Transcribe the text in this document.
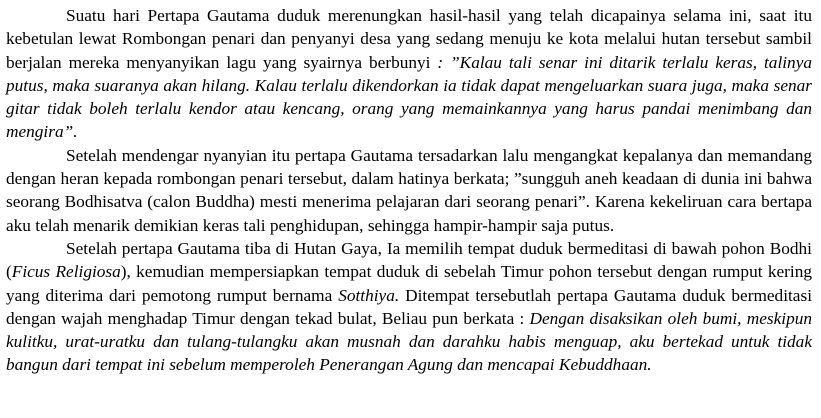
Suatu hari Pertapa Gautama duduk merenungkan hasil-hasil yang telah dicapainya selama ini, saat itu kebetulan lewat Rombongan penari dan penyanyi desa yang sedang menuju ke kota melalui hutan tersebut sambil berjalan mereka menyanyikan lagu yang syairnya berbunyi : ”Kalau tali senar ini ditarik terlalu keras, talinya putus, maka suaranya akan hilang. Kalau terlalu dikendorkan ia tidak dapat mengeluarkan suara juga, maka senar gitar tidak boleh terlalu kendor atau kencang, orang yang memainkannya yang harus pandai menimbang dan mengira”.

Setelah mendengar nyanyian itu pertapa Gautama tersadarkan lalu mengangkat kepalanya dan memandang dengan heran kepada rombongan penari tersebut, dalam hatinya berkata; ”sungguh aneh keadaan di dunia ini bahwa seorang Bodhisatva (calon Buddha) mesti menerima pelajaran dari seorang penari”. Karena kekeliruan cara bertapa aku telah menarik demikian keras tali penghidupan, sehingga hampir-hampir saja putus.

Setelah pertapa Gautama tiba di Hutan Gaya, Ia memilih tempat duduk bermeditasi di bawah pohon Bodhi (Ficus Religiosa), kemudian mempersiapkan tempat duduk di sebelah Timur pohon tersebut dengan rumput kering yang diterima dari pemotong rumput bernama Sotthiya. Ditempat tersebutlah pertapa Gautama duduk bermeditasi dengan wajah menghadap Timur dengan tekad bulat, Beliau pun berkata : Dengan disaksikan oleh bumi, meskipun kulitku, urat-uratku dan tulang-tulangku akan musnah dan darahku habis menguap, aku bertekad untuk tidak bangun dari tempat ini sebelum memperoleh Penerangan Agung dan mencapai Kebuddhaan.
